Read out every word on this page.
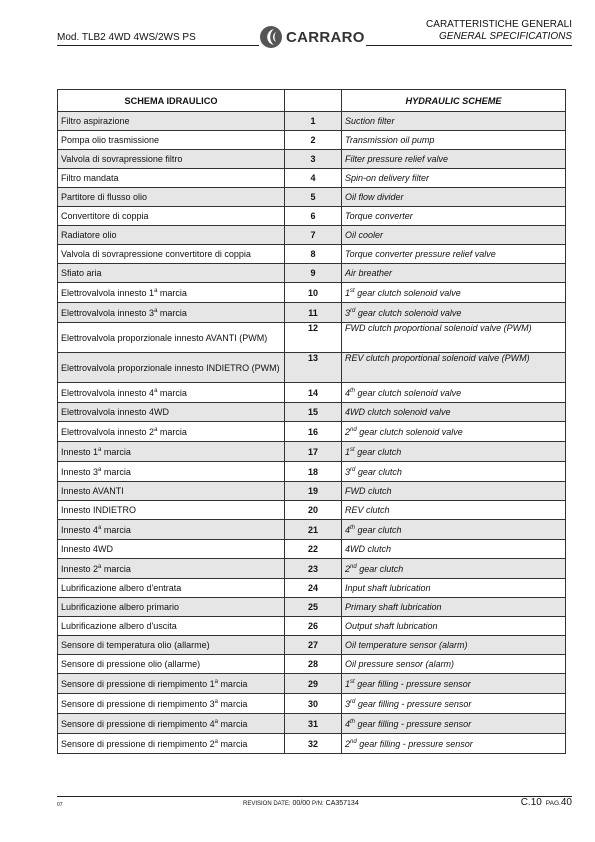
Mod. TLB2 4WD 4WS/2WS PS	CARRARO
CARATTERISTICHE GENERALI
GENERAL SPECIFICATIONS
SCHEMA IDRAULICO		HYDRAULIC SCHEME
Filtro aspirazione	1	Suction filter
Pompa olio trasmissione	2	Transmission oil pump
Valvola di sovrapressione filtro	3	Filter pressure relief valve
Filtro mandata	4	Spin-on delivery filter
Partitore di flusso olio	5	Oil flow divider
Convertitore di coppia	6	Torque converter
Radiatore olio	7	Oil cooler
Valvola di sovrapressione convertitore di coppia	8	Torque converter pressure relief valve
Sfiato aria	9	Air breather
Elettrovalvola innesto 1$^a$ marcia	10	1st gear clutch solenoid valve
Elettrovalvola innesto 3$^a$ marcia	11	3rd gear clutch solenoid valve
Elettrovalvola proporzionale innesto AVANTI (PWM)	12	FWD clutch proportional solenoid valve (PWM)
Elettrovalvola proporzionale innesto INDIETRO (PWM)	13	REV clutch proportional solenoid valve (PWM)
Elettrovalvola innesto 4$^a$ marcia	14	4th gear clutch solenoid valve
Elettrovalvola innesto 4WD	15	4WD clutch solenoid valve
Elettrovalvola innesto 2$^a$ marcia	16	2nd gear clutch solenoid valve
Innesto 1$^a$ marcia	17	1st gear clutch
Innesto 3$^a$ marcia	18	3rd gear clutch
Innesto AVANTI	19	FWD clutch
Innesto INDIETRO	20	REV clutch
Innesto 4$^a$ marcia	21	4th gear clutch
Innesto 4WD	22	4WD clutch
Innesto 2$^a$ marcia	23	2nd gear clutch
Lubrificazione albero d'entrata	24	Input shaft lubrication
Lubrificazione albero primario	25	Primary shaft lubrication
Lubrificazione albero d'uscita	26	Output shaft lubrication
Sensore di temperatura olio (allarme)	27	Oil temperature sensor (alarm)
Sensore di pressione olio (allarme)	28	Oil pressure sensor (alarm)
Sensore di pressione di riempimento 1$^a$ marcia	29	1st gear filling - pressure sensor
Sensore di pressione di riempimento 3$^a$ marcia	30	3rd gear filling - pressure sensor
Sensore di pressione di riempimento 4$^a$ marcia	31	4th gear filling - pressure sensor
Sensore di pressione di riempimento 2$^a$ marcia	32	2nd gear filling - pressure sensor
07	REVISION DATE: 00/00 P/N: CA357134	C.10 PAG.40
